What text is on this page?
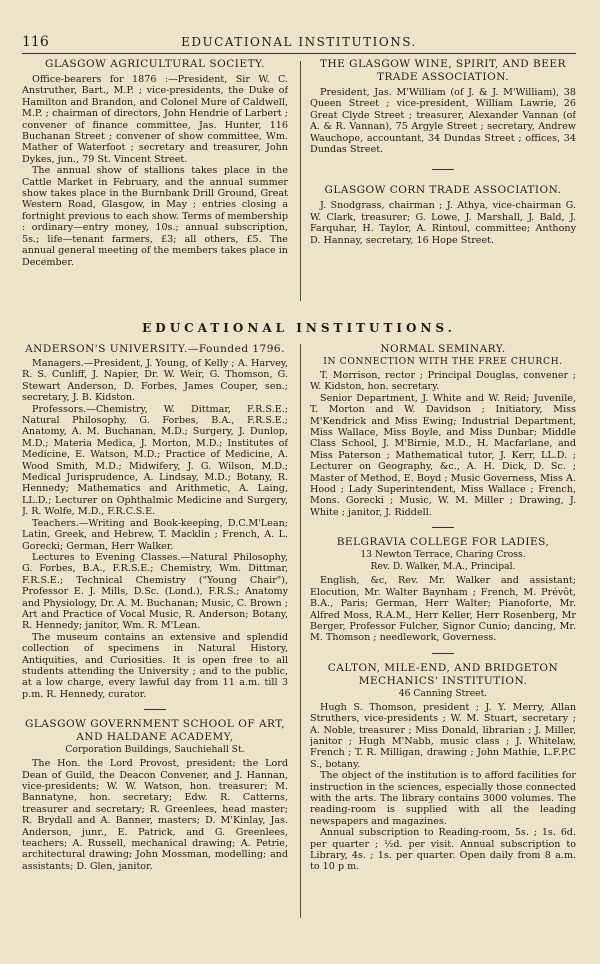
116	EDUCATIONAL INSTITUTIONS.
GLASGOW AGRICULTURAL SOCIETY.

Office-bearers for 1876 :—President, Sir W. C. Anstruther, Bart., M.P. ; vice-presidents, the Duke of Hamilton and Brandon, and Colonel Mure of Caldwell, M.P. ; chairman of directors, John Hendrie of Larbert ; convener of finance committee, Jas. Hunter, 116 Buchanan Street ; convener of show committee, Wm. Mather of Waterfoot ; secretary and treasurer, John Dykes, jun., 79 St. Vincent Street.

The annual show of stallions takes place in the Cattle Market in February, and the annual summer show takes place in the Burnbank Drill Ground, Great Western Road, Glasgow, in May ; entries closing a fortnight previous to each show. Terms of membership : ordinary—entry money, 10s.; annual subscription, 5s.; life—tenant farmers, £3; all others, £5. The annual general meeting of the members takes place in December.

THE GLASGOW WINE, SPIRIT, AND BEER TRADE ASSOCIATION.

President, Jas. M'William (of J. & J. M'William), 38 Queen Street ; vice-president, William Lawrie, 26 Great Clyde Street ; treasurer, Alexander Vannan (of A. & R. Vannan), 75 Argyle Street ; secretary, Andrew Wauchope, accountant, 34 Dundas Street ; offices, 34 Dundas Street.

GLASGOW CORN TRADE ASSOCIATION.

J. Snodgrass, chairman ; J. Athya, vice-chairman G. W. Clark, treasurer; G. Lowe, J. Marshall, J. Bald, J. Farquhar, H. Taylor, A. Rintoul, committee; Anthony D. Hannay, secretary, 16 Hope Street.

EDUCATIONAL INSTITUTIONS.
ANDERSON'S UNIVERSITY.—Founded 1796.

Managers.—President, J. Young, of Kelly ; A. Harvey, R. S. Cunliff, J. Napier, Dr. W. Weir, G. Thomson, G. Stewart Anderson, D. Forbes, James Couper, sen.; secretary, J. B. Kidston.

Professors.—Chemistry, W. Dittmar, F.R.S.E.; Natural Philosophy, G. Forbes, B.A., F.R.S.E.; Anatomy, A. M. Buchanan, M.D.; Surgery, J. Dunlop, M.D.; Materia Medica, J. Morton, M.D.; Institutes of Medicine, E. Watson, M.D.; Practice of Medicine, A. Wood Smith, M.D.; Midwifery, J. G. Wilson, M.D.; Medical Jurisprudence, A. Lindsay, M.D.; Botany, R. Hennedy; Mathematics and Arithmetic, A. Laing, LL.D.; Lecturer on Ophthalmic Medicine and Surgery, J. R. Wolfe, M.D., F.R.C.S.E.

Teachers.—Writing and Book-keeping, D.C.M'Lean; Latin, Greek, and Hebrew, T. Macklin ; French, A. L. Gorecki; German, Herr Walker.

Lectures to Evening Classes.—Natural Philosophy, G. Forbes, B.A., F.R.S.E.; Chemistry, Wm. Dittmar, F.R.S.E.; Technical Chemistry ("Young Chair"), Professor E. J. Mills, D.Sc. (Lond.), F.R.S.; Anatomy and Physiology, Dr. A. M. Buchanan; Music, C. Brown ; Art and Practice of Vocal Music, R. Anderson; Botany, R. Hennedy; janitor, Wm. R. M'Lean.

The museum contains an extensive and splendid collection of specimens in Natural History, Antiquities, and Curiosities. It is open free to all students attending the University ; and to the public, at a low charge, every lawful day from 11 a.m. till 3 p.m. R. Hennedy, curator.

GLASGOW GOVERNMENT SCHOOL OF ART, AND HALDANE ACADEMY,
Corporation Buildings, Sauchiehall St.

The Hon. the Lord Provost, president; the Lord Dean of Guild, the Deacon Convener, and J. Hannan, vice-presidents; W. W. Watson, hon. treasurer; M. Bannatyne, hon. secretary; Edw. R. Catterns, treasurer and secretary; R. Greenlees, head master; R. Brydall and A. Banner, masters; D. M'Kinlay, Jas. Anderson, junr., E. Patrick, and G. Greenlees, teachers; A. Russell, mechanical drawing; A. Petrie, architectural drawing; John Mossman, modelling; and assistants; D. Glen, janitor.

NORMAL SEMINARY.
IN CONNECTION WITH THE FREE CHURCH.

T. Morrison, rector ; Principal Douglas, convener ; W. Kidston, hon. secretary.

Senior Department, J. White and W. Reid; Juvenile, T. Morton and W. Davidson ; Initiatory, Miss M'Kendrick and Miss Ewing; Industrial Department, Miss Wallace, Miss Boyle, and Miss Dunbar; Middle Class School, J. M'Birnie, M.D., H. Macfarlane, and Miss Paterson ; Mathematical tutor, J. Kerr, LL.D. ; Lecturer on Geography, &c., A. H. Dick, D. Sc. ; Master of Method, E. Boyd ; Music Governess, Miss A. Hood ; Lady Superintendent, Miss Wallace ; French, Mons. Gorecki ; Music, W. M. Miller ; Drawing, J. White ; janitor, J. Riddell.

BELGRAVIA COLLEGE FOR LADIES,
13 Newton Terrace, Charing Cross.
Rev. D. Walker, M.A., Principal.

English, &c, Rev. Mr. Walker and assistant; Elocution, Mr. Walter Baynham ; French, M. Prévôt, B.A., Paris; German, Herr Walter; Pianoforte, Mr. Alfred Moss, R.A.M., Herr Keller, Herr Rosenberg, Mr Berger, Professor Fulcher, Signor Cunio; dancing, Mr. M. Thomson ; needlework, Governess.

CALTON, MILE-END, AND BRIDGETON MECHANICS' INSTITUTION.
46 Canning Street.

Hugh S. Thomson, president ; J. Y. Merry, Allan Struthers, vice-presidents ; W. M. Stuart, secretary ; A. Noble, treasurer ; Miss Donald, librarian ; J. Miller, janitor ; Hugh M'Nabb, music class ; J. Whitelaw, French ; T. R. Milligan, drawing ; John Mathie, L.F.P.C S., botany.

The object of the institution is to afford facilities for instruction in the sciences, especially those connected with the arts. The library contains 3000 volumes. The reading-room is supplied with all the leading newspapers and magazines.

Annual subscription to Reading-room, 5s. ; 1s. 6d. per quarter ; ½d. per visit. Annual subscription to Library, 4s. ; 1s. per quarter. Open daily from 8 a.m. to 10 p m.
